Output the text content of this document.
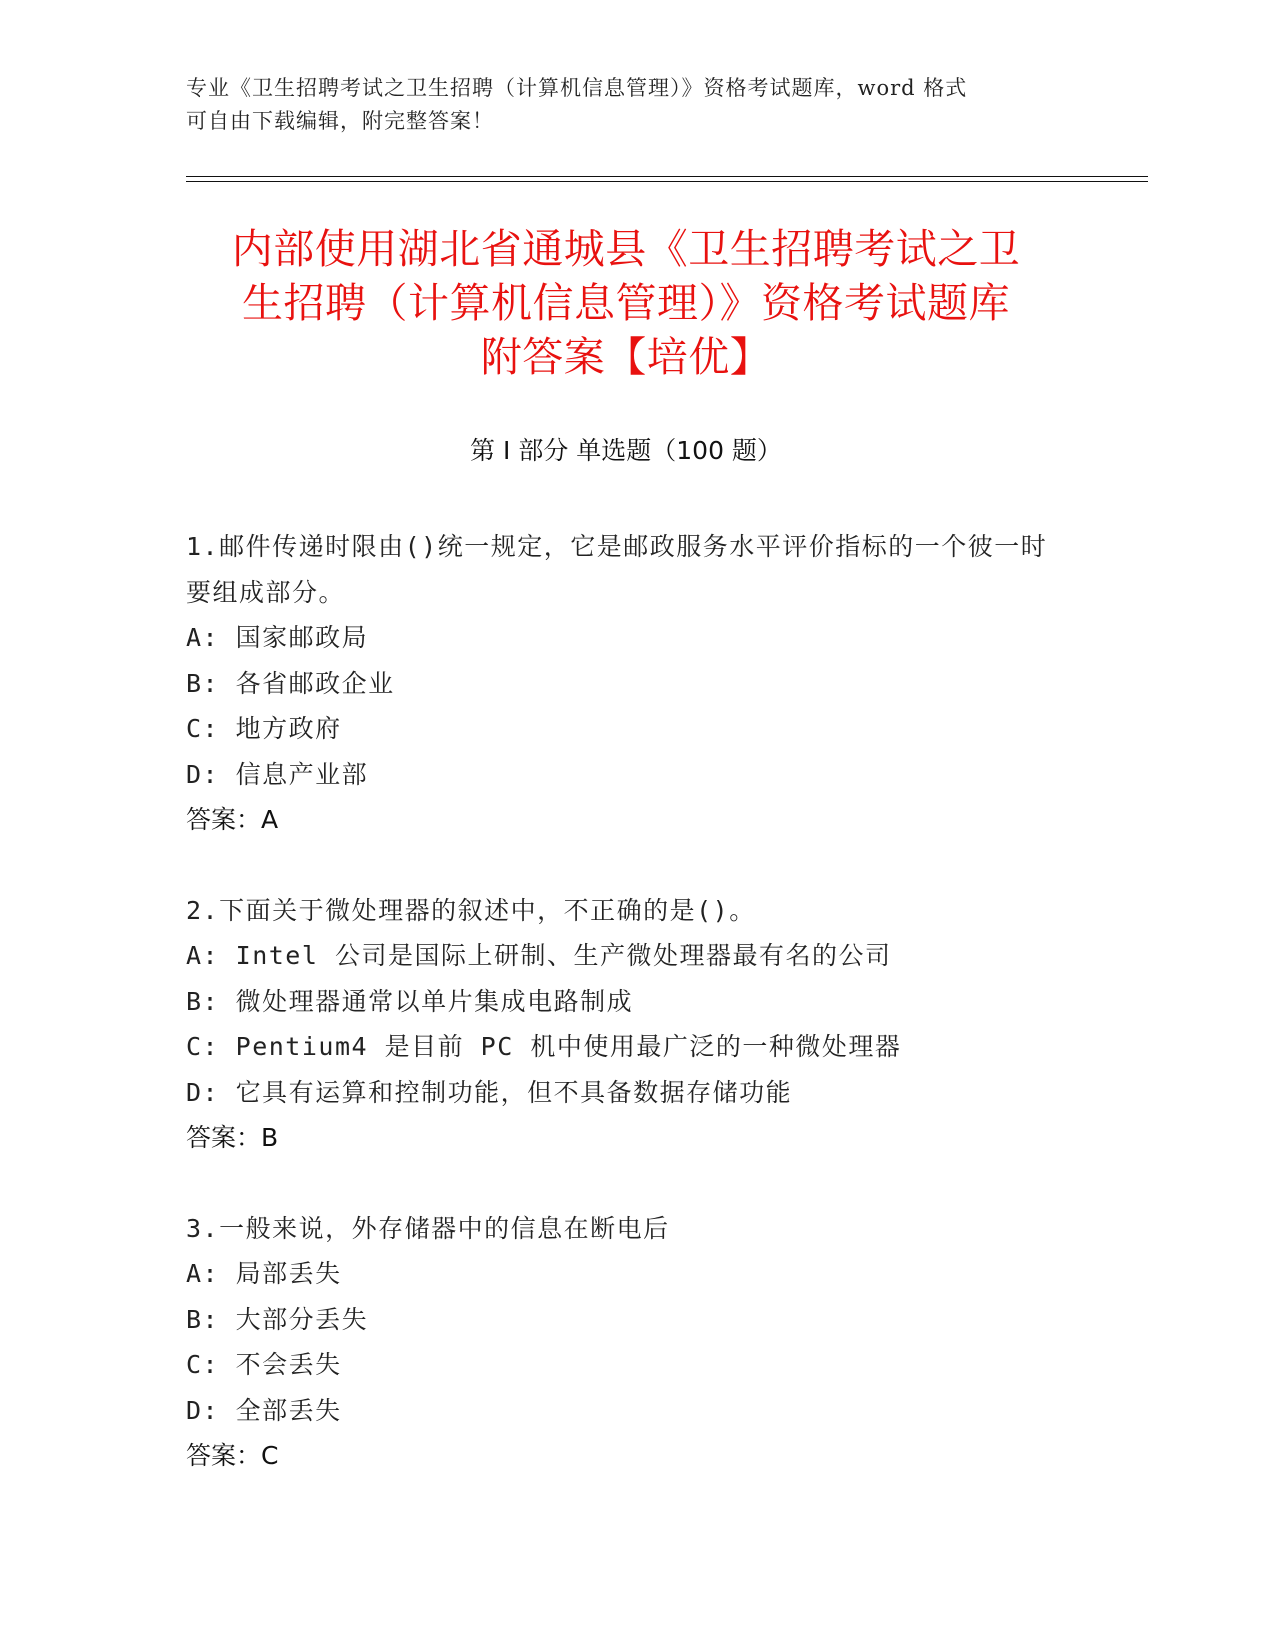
专业《卫生招聘考试之卫生招聘（计算机信息管理）》资格考试题库，word 格式
可自由下载编辑，附完整答案！
内部使用湖北省通城县《卫生招聘考试之卫
生招聘（计算机信息管理）》资格考试题库
附答案【培优】
第 I 部分 单选题（100 题）
1.邮件传递时限由()统一规定，它是邮政服务水平评价指标的一个彼一时要组成部分。
A: 国家邮政局
B: 各省邮政企业
C: 地方政府
D: 信息产业部
答案：A
2.下面关于微处理器的叙述中，不正确的是()。
A: Intel 公司是国际上研制、生产微处理器最有名的公司
B: 微处理器通常以单片集成电路制成
C: Pentium4 是目前 PC 机中使用最广泛的一种微处理器
D: 它具有运算和控制功能，但不具备数据存储功能
答案：B
3.一般来说，外存储器中的信息在断电后
A: 局部丢失
B: 大部分丢失
C: 不会丢失
D: 全部丢失
答案：C
